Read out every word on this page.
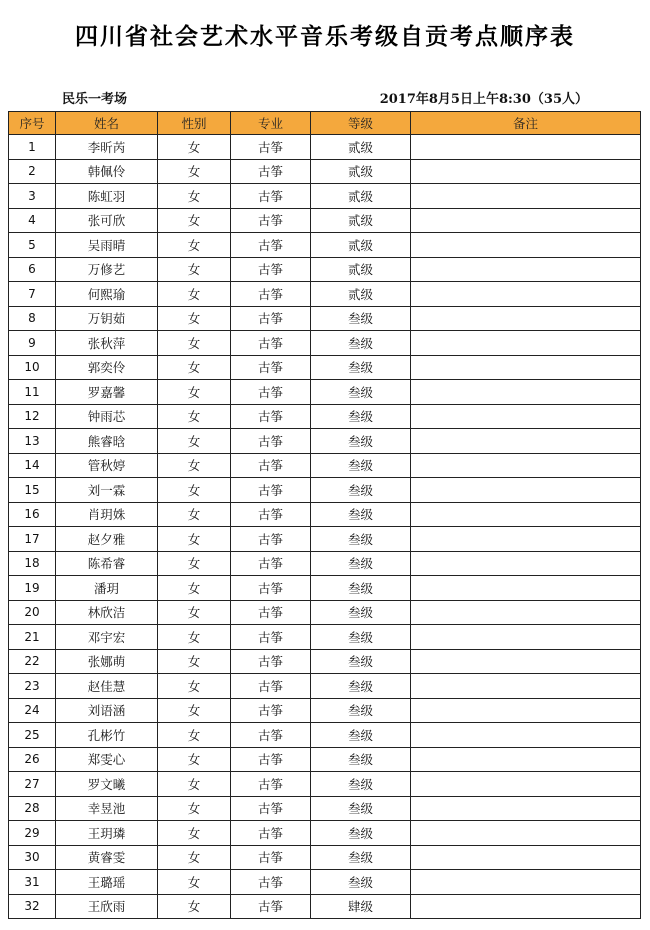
四川省社会艺术水平音乐考级自贡考点顺序表
民乐一考场	2017年8月5日上午8:30（35人）
序号	姓名	性别	专业	等级	备注
1	李昕芮	女	古筝	贰级	
2	韩佩伶	女	古筝	贰级	
3	陈虹羽	女	古筝	贰级	
4	张可欣	女	古筝	贰级	
5	吴雨晴	女	古筝	贰级	
6	万修艺	女	古筝	贰级	
7	何熙瑜	女	古筝	贰级	
8	万钥茹	女	古筝	叁级	
9	张秋萍	女	古筝	叁级	
10	郭奕伶	女	古筝	叁级	
11	罗嘉馨	女	古筝	叁级	
12	钟雨芯	女	古筝	叁级	
13	熊睿晗	女	古筝	叁级	
14	管秋婷	女	古筝	叁级	
15	刘一霖	女	古筝	叁级	
16	肖玥姝	女	古筝	叁级	
17	赵夕雅	女	古筝	叁级	
18	陈希睿	女	古筝	叁级	
19	潘玥	女	古筝	叁级	
20	林欣洁	女	古筝	叁级	
21	邓宇宏	女	古筝	叁级	
22	张娜萌	女	古筝	叁级	
23	赵佳慧	女	古筝	叁级	
24	刘语涵	女	古筝	叁级	
25	孔彬竹	女	古筝	叁级	
26	郑雯心	女	古筝	叁级	
27	罗文曦	女	古筝	叁级	
28	幸昱池	女	古筝	叁级	
29	王玥璘	女	古筝	叁级	
30	黄睿雯	女	古筝	叁级	
31	王璐瑶	女	古筝	叁级	
32	王欣雨	女	古筝	肆级	
